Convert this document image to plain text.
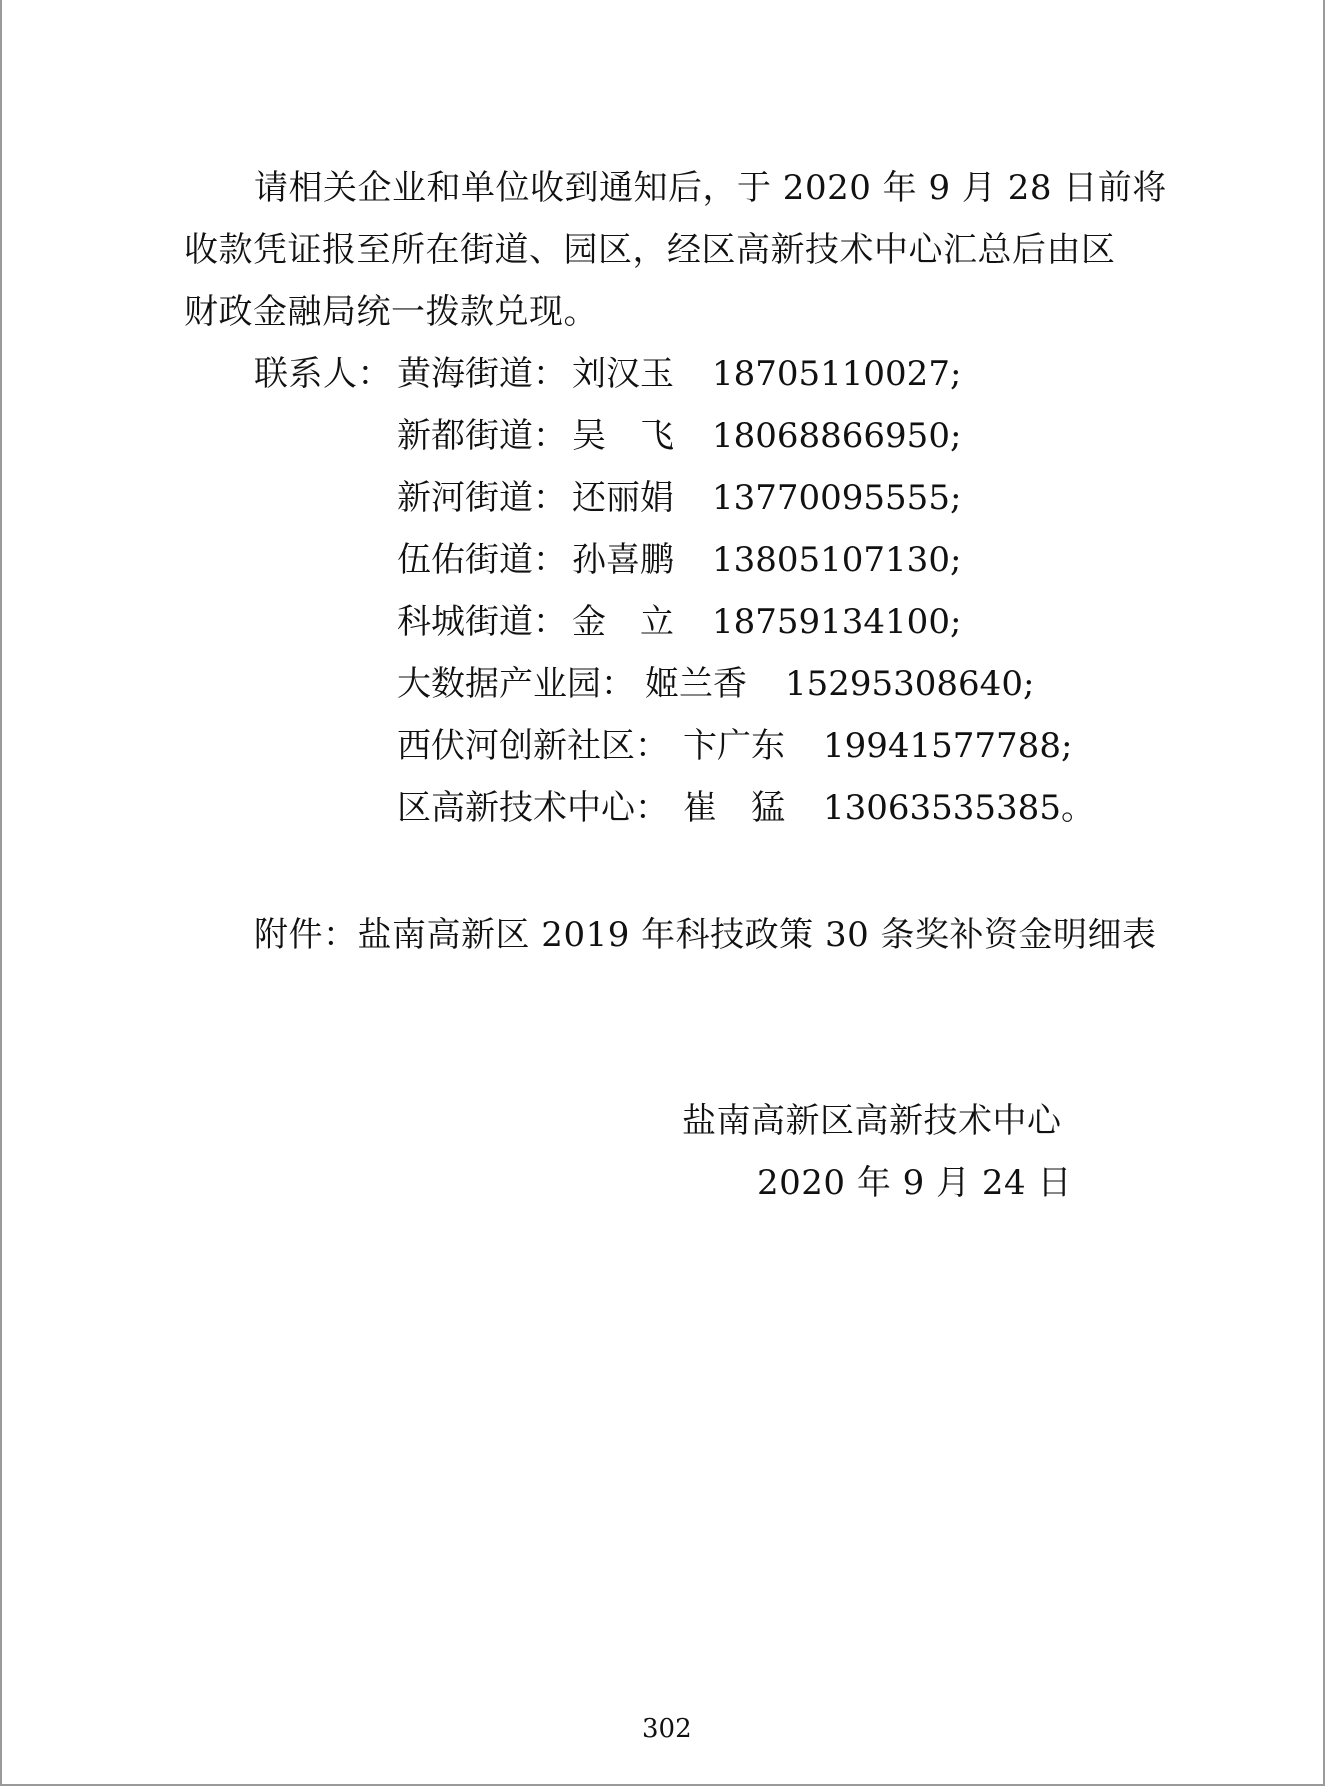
请相关企业和单位收到通知后，于 2020 年 9 月 28 日前将
收款凭证报至所在街道、园区，经区高新技术中心汇总后由区
财政金融局统一拨款兑现。
联系人： 黄海街道： 刘汉玉	18705110027;
新都街道： 吴　飞	18068866950;
新河街道： 还丽娟	13770095555;
伍佑街道： 孙喜鹏	13805107130;
科城街道： 金　立	18759134100;
大数据产业园： 姬兰香	15295308640;
西伏河创新社区： 卞广东	19941577788;
区高新技术中心： 崔　猛	13063535385。
附件：盐南高新区 2019 年科技政策 30 条奖补资金明细表
盐南高新区高新技术中心
2020 年 9 月 24 日
302
